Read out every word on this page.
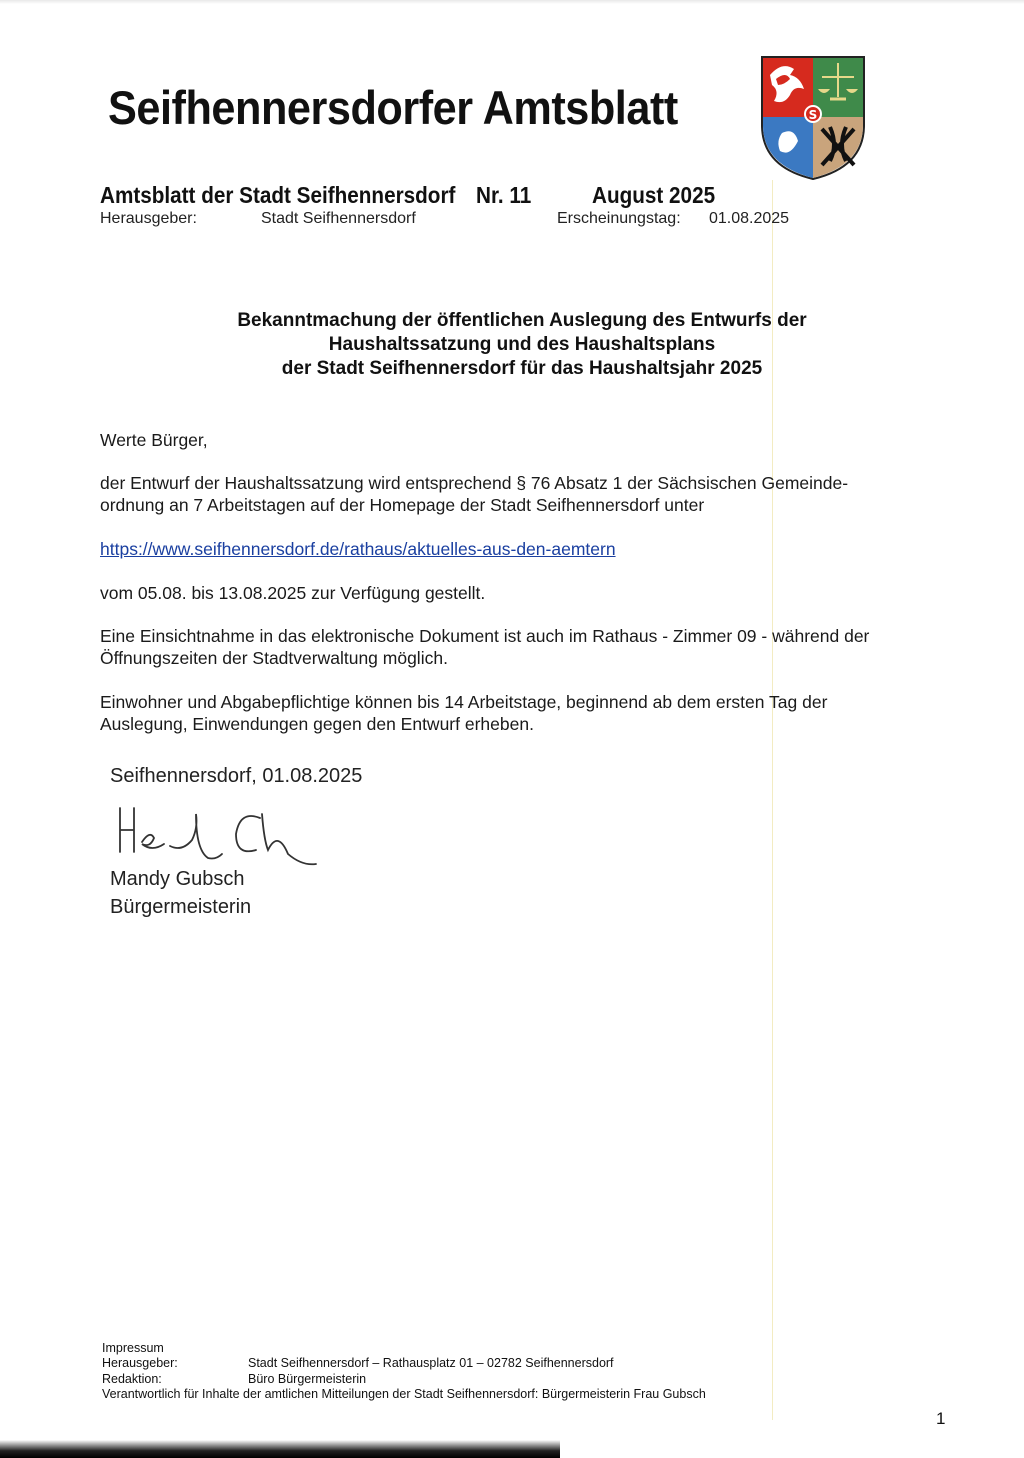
Seifhennersdorfer Amtsblatt	S
Amtsblatt der Stadt Seifhennersdorf Nr. 11	August 2025
Herausgeber:	Stadt Seifhennersdorf	Erscheinungstag: 01.08.2025
Bekanntmachung der öffentlichen Auslegung des Entwurfs der
Haushaltssatzung und des Haushaltsplans
der Stadt Seifhennersdorf für das Haushaltsjahr 2025
Werte Bürger,
der Entwurf der Haushaltssatzung wird entsprechend § 76 Absatz 1 der Sächsischen Gemeinde-
ordnung an 7 Arbeitstagen auf der Homepage der Stadt Seifhennersdorf unter
https://www.seifhennersdorf.de/rathaus/aktuelles-aus-den-aemtern
vom 05.08. bis 13.08.2025 zur Verfügung gestellt.
Eine Einsichtnahme in das elektronische Dokument ist auch im Rathaus - Zimmer 09 - während der
Öffnungszeiten der Stadtverwaltung möglich.
Einwohner und Abgabepflichtige können bis 14 Arbeitstage, beginnend ab dem ersten Tag der
Auslegung, Einwendungen gegen den Entwurf erheben.
Seifhennersdorf, 01.08.2025
Mandy Gubsch
Bürgermeisterin
Impressum
Herausgeber:	Stadt Seifhennersdorf – Rathausplatz 01 – 02782 Seifhennersdorf
Redaktion:	Büro Bürgermeisterin
Verantwortlich für Inhalte der amtlichen Mitteilungen der Stadt Seifhennersdorf: Bürgermeisterin Frau Gubsch
1
